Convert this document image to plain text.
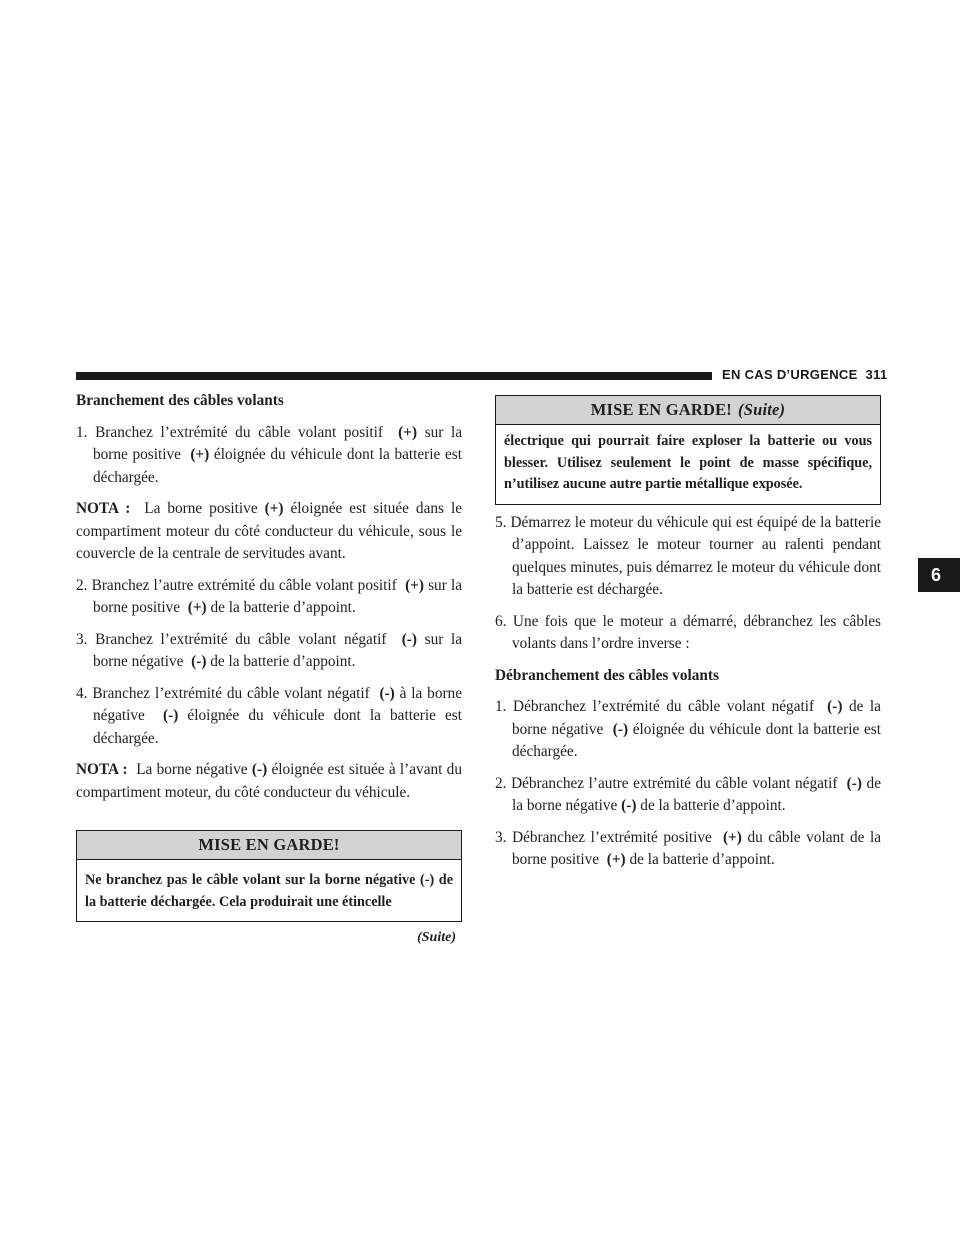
EN CAS D’URGENCE 311
6

Branchement des câbles volants

1. Branchez l’extrémité du câble volant positif (+) sur la borne positive (+) éloignée du véhicule dont la batterie est déchargée.

NOTA : La borne positive (+) éloignée est située dans le compartiment moteur du côté conducteur du véhicule, sous le couvercle de la centrale de servitudes avant.

2. Branchez l’autre extrémité du câble volant positif (+) sur la borne positive (+) de la batterie d’appoint.

3. Branchez l’extrémité du câble volant négatif (-) sur la borne négative (-) de la batterie d’appoint.

4. Branchez l’extrémité du câble volant négatif (-) à la borne négative (-) éloignée du véhicule dont la batterie est déchargée.

NOTA : La borne négative (-) éloignée est située à l’avant du compartiment moteur, du côté conducteur du véhicule.

MISE EN GARDE!
Ne branchez pas le câble volant sur la borne négative (-) de la batterie déchargée. Cela produirait une étincelle
(Suite)
MISE EN GARDE! (Suite)
électrique qui pourrait faire exploser la batterie ou vous blesser. Utilisez seulement le point de masse spécifique, n’utilisez aucune autre partie métallique exposée.

5. Démarrez le moteur du véhicule qui est équipé de la batterie d’appoint. Laissez le moteur tourner au ralenti pendant quelques minutes, puis démarrez le moteur du véhicule dont la batterie est déchargée.

6. Une fois que le moteur a démarré, débranchez les câbles volants dans l’ordre inverse :

Débranchement des câbles volants

1. Débranchez l’extrémité du câble volant négatif (-) de la borne négative (-) éloignée du véhicule dont la batterie est déchargée.

2. Débranchez l’autre extrémité du câble volant négatif (-) de la borne négative (-) de la batterie d’appoint.

3. Débranchez l’extrémité positive (+) du câble volant de la borne positive (+) de la batterie d’appoint.
